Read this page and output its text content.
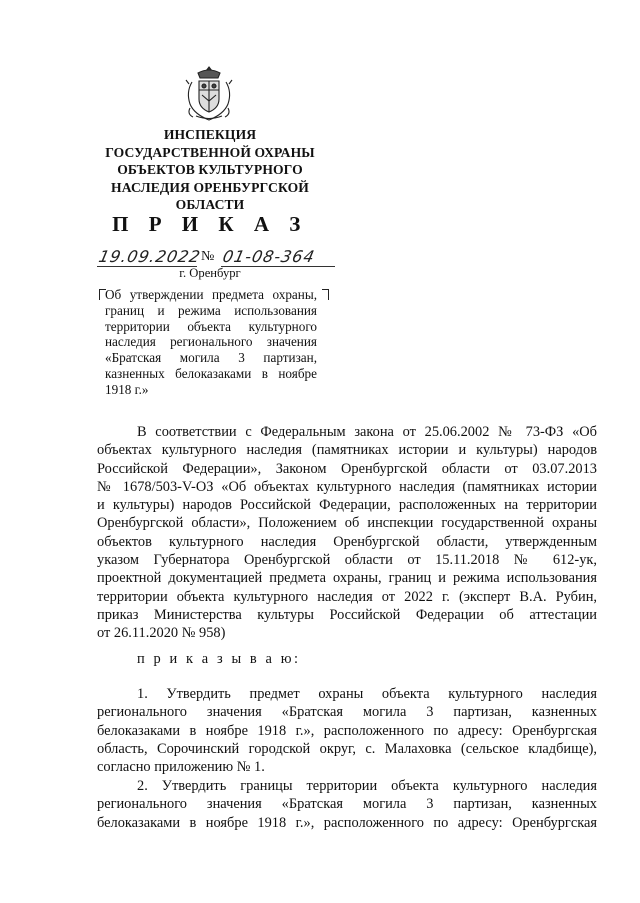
ИНСПЕКЦИЯ
ГОСУДАРСТВЕННОЙ ОХРАНЫ
ОБЪЕКТОВ КУЛЬТУРНОГО
НАСЛЕДИЯ ОРЕНБУРГСКОЙ
ОБЛАСТИ
П Р И К А З
19.09.2022
№ 01-08-364
г. Оренбург
Об утверждении предмета охраны,
границ и режима использования
территории объекта культурного
наследия регионального значения
«Братская могила 3 партизан,
казненных белоказаками в ноябре
1918 г.»
В соответствии с Федеральным закона от 25.06.2002 № 73-ФЗ «Об
объектах культурного наследия (памятниках истории и культуры) народов
Российской Федерации», Законом Оренбургской области от 03.07.2013
№ 1678/503-V-ОЗ «Об объектах культурного наследия (памятниках истории
и культуры) народов Российской Федерации, расположенных на территории
Оренбургской области», Положением об инспекции государственной охраны
объектов культурного наследия Оренбургской области, утвержденным
указом Губернатора Оренбургской области от 15.11.2018 № 612-ук,
проектной документацией предмета охраны, границ и режима использования
территории объекта культурного наследия от 2022 г. (эксперт В.А. Рубин,
приказ Министерства культуры Российской Федерации об аттестации
от 26.11.2020 № 958)
п р и к а з ы в а ю:
1. Утвердить предмет охраны объекта культурного наследия
регионального значения «Братская могила 3 партизан, казненных
белоказаками в ноябре 1918 г.», расположенного по адресу: Оренбургская
область, Сорочинский городской округ, с. Малаховка (сельское кладбище),
согласно приложению № 1.
2. Утвердить границы территории объекта культурного наследия
регионального значения «Братская могила 3 партизан, казненных
белоказаками в ноябре 1918 г.», расположенного по адресу: Оренбургская
